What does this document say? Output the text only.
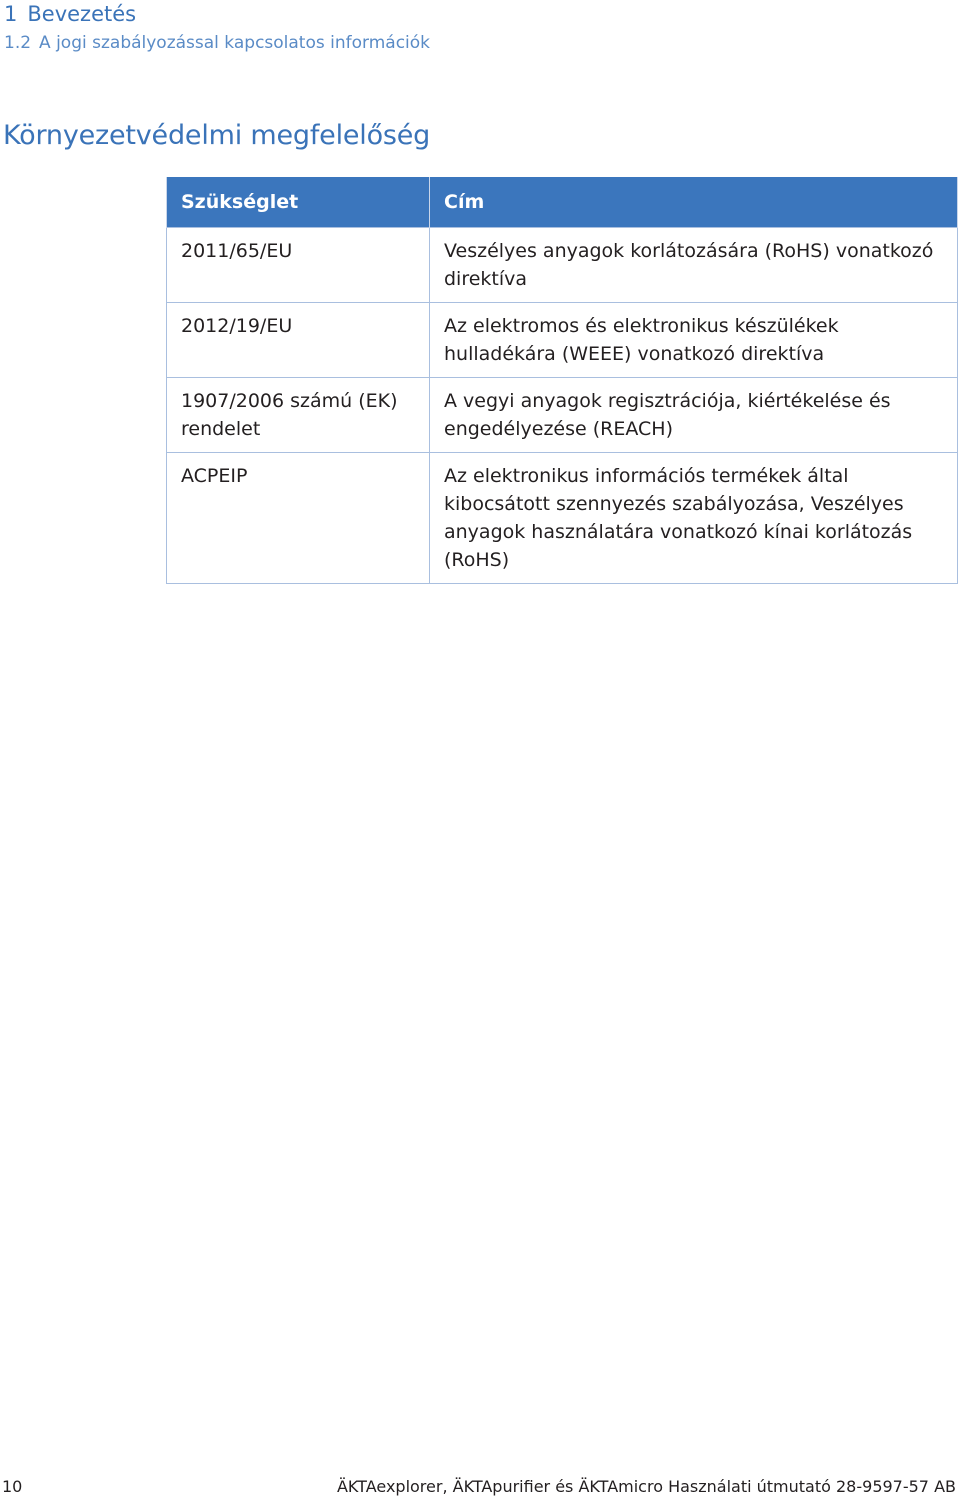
1 Bevezetés
1.2 A jogi szabályozással kapcsolatos információk
Környezetvédelmi megfelelőség
Szükséglet	Cím
2011/65/EU	Veszélyes anyagok korlátozására (RoHS) vonatkozó direktíva
2012/19/EU	Az elektromos és elektronikus készülékek hulladékára (WEEE) vonatkozó direktíva
1907/2006 számú (EK) rendelet	A vegyi anyagok regisztrációja, kiértékelése és engedélyezése (REACH)
ACPEIP	Az elektronikus információs termékek által kibocsátott szennyezés szabályozása, Veszélyes anyagok használatára vonatkozó kínai korlátozás (RoHS)
10	ÄKTAexplorer, ÄKTApurifier és ÄKTAmicro Használati útmutató 28-9597-57 AB
